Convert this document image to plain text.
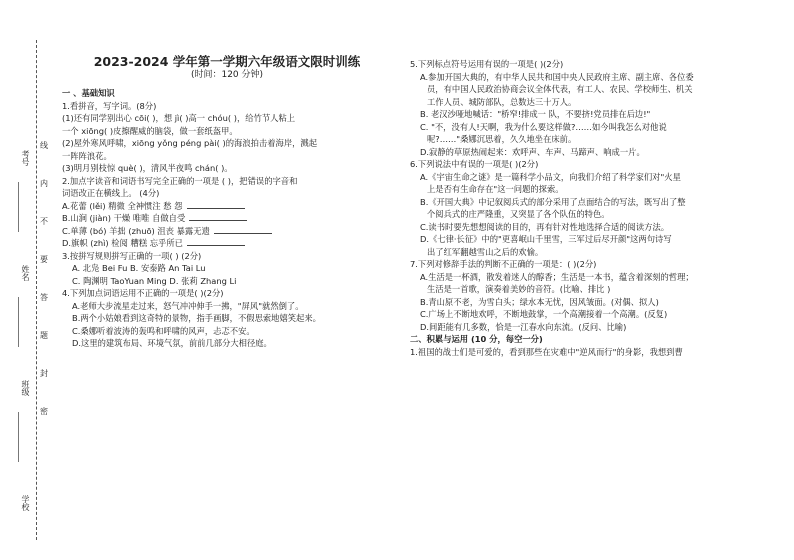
考号
姓名
班级
学校
线
内
不
要
答
题
封
密

2023-2024 学年第一学期六年级语文限时训练

(时间：120 分钟)

一 、基础知识

1.看拼音，写字词。(8分)

(1)还有同学别出心 cōi( )，想 jì( )高一 chóu( )，给竹节人粘上

一个 xiōng( )皮擦醒威的脑袋，做一套纸盔甲。

(2)屋外寒风呼啸，xiōng yǒng péng pài( )的海浪拍击着海岸，溅起

一阵阵浪花。

(3)明月别枝惊 què( )，清风半夜鸣 chán( )。

2.加点字读音和词语书写完全正确的一项是 ( )，把错误的字音和

词语改正在横线上。 (4分)

A.花蕾 (lěi) 精微 全神惯注 愁 怨

B.山涧 (jiàn) 干燥 唯唯 自做自受

C.单薄 (bó) 羊拙 (zhuō) 沮丧 暴露无遗

D.旗帜 (zhì) 检阅 糟糕 忘乎所已

3.按拼写规则拼写正确的一项( ) (2分)

A. 北凫 Bei Fu B. 安泰路 An Tai Lu

C. 陶渊明 TaoYuan Ming D. 张莉 Zhang Li

4.下列加点词语运用不正确的一项是( )(2分)

A.老师大步流星走过来，怒气冲冲伸手一拂，"屏风"就然倒了。

B.两个小姑娘看到这奇特的景物，指手画脚，不假思索地嬉笑起来。

C.桑娜听着波涛的轰鸣和呼啸的风声，忐忑不安。

D.这里的建筑布局、环境气氛，前前几部分大相径庭。

5.下列标点符号运用有误的一项是( )(2分)

A.参加开国大典的，有中华人民共和国中央人民政府主席、副主席、各位委

员，有中国人民政治协商会议全体代表，有工人、农民、学校师生、机关

工作人员、城防部队，总数达三十万人。

B. 老汉沙哑地喊话："桥窄!排成一 队，不要挤!党员排在后边!"

C. "不，没有人!天啊，我为什么要这样做?……如今叫我怎么对他说

呢?……"桑娜沉思着，久久地坐在床前。

D.寂静的草原热闹起来：欢呼声、车声、马蹄声、响成一片。

6.下列说法中有误的一项是( )(2分)

A.《宇宙生命之谜》是一篇科学小品文，向我们介绍了科学家们对"火星

上是否有生命存在"这一问题的探索。

B.《开国大典》中记叙阅兵式的部分采用了点面结合的写法，既写出了整

个阅兵式的庄严隆重，又突显了各个队伍的特色。

C.读书时要先想想阅读的目的，再有针对性地选择合适的阅读方法。

D.《七律·长征》中的"更喜岷山千里雪，三军过后尽开颜"这两句诗写

出了红军翻越雪山之后的欢愉。

7.下列对修辞手法的判断不正确的一项是：( )(2分)

A.生活是一杯酒，散发着迷人的醇香；生活是一本书，蕴含着深刻的哲理；

生活是一首歌，演奏着美妙的音符。(比喻、排比 )

B.青山原不老，为雪白头；绿水本无忧，因风皱面。(对偶、拟人)

C.广场上不断地欢呼，不断地鼓掌，一个高潮接着一个高潮。(反复)

D.间距能有几多数，恰是一江春水向东流。(反问、比喻)

二、积累与运用 (10 分，每空一分)

1.祖国的战士们是可爱的，看到那些在灾难中"逆风而行"的身影，我想到曹
